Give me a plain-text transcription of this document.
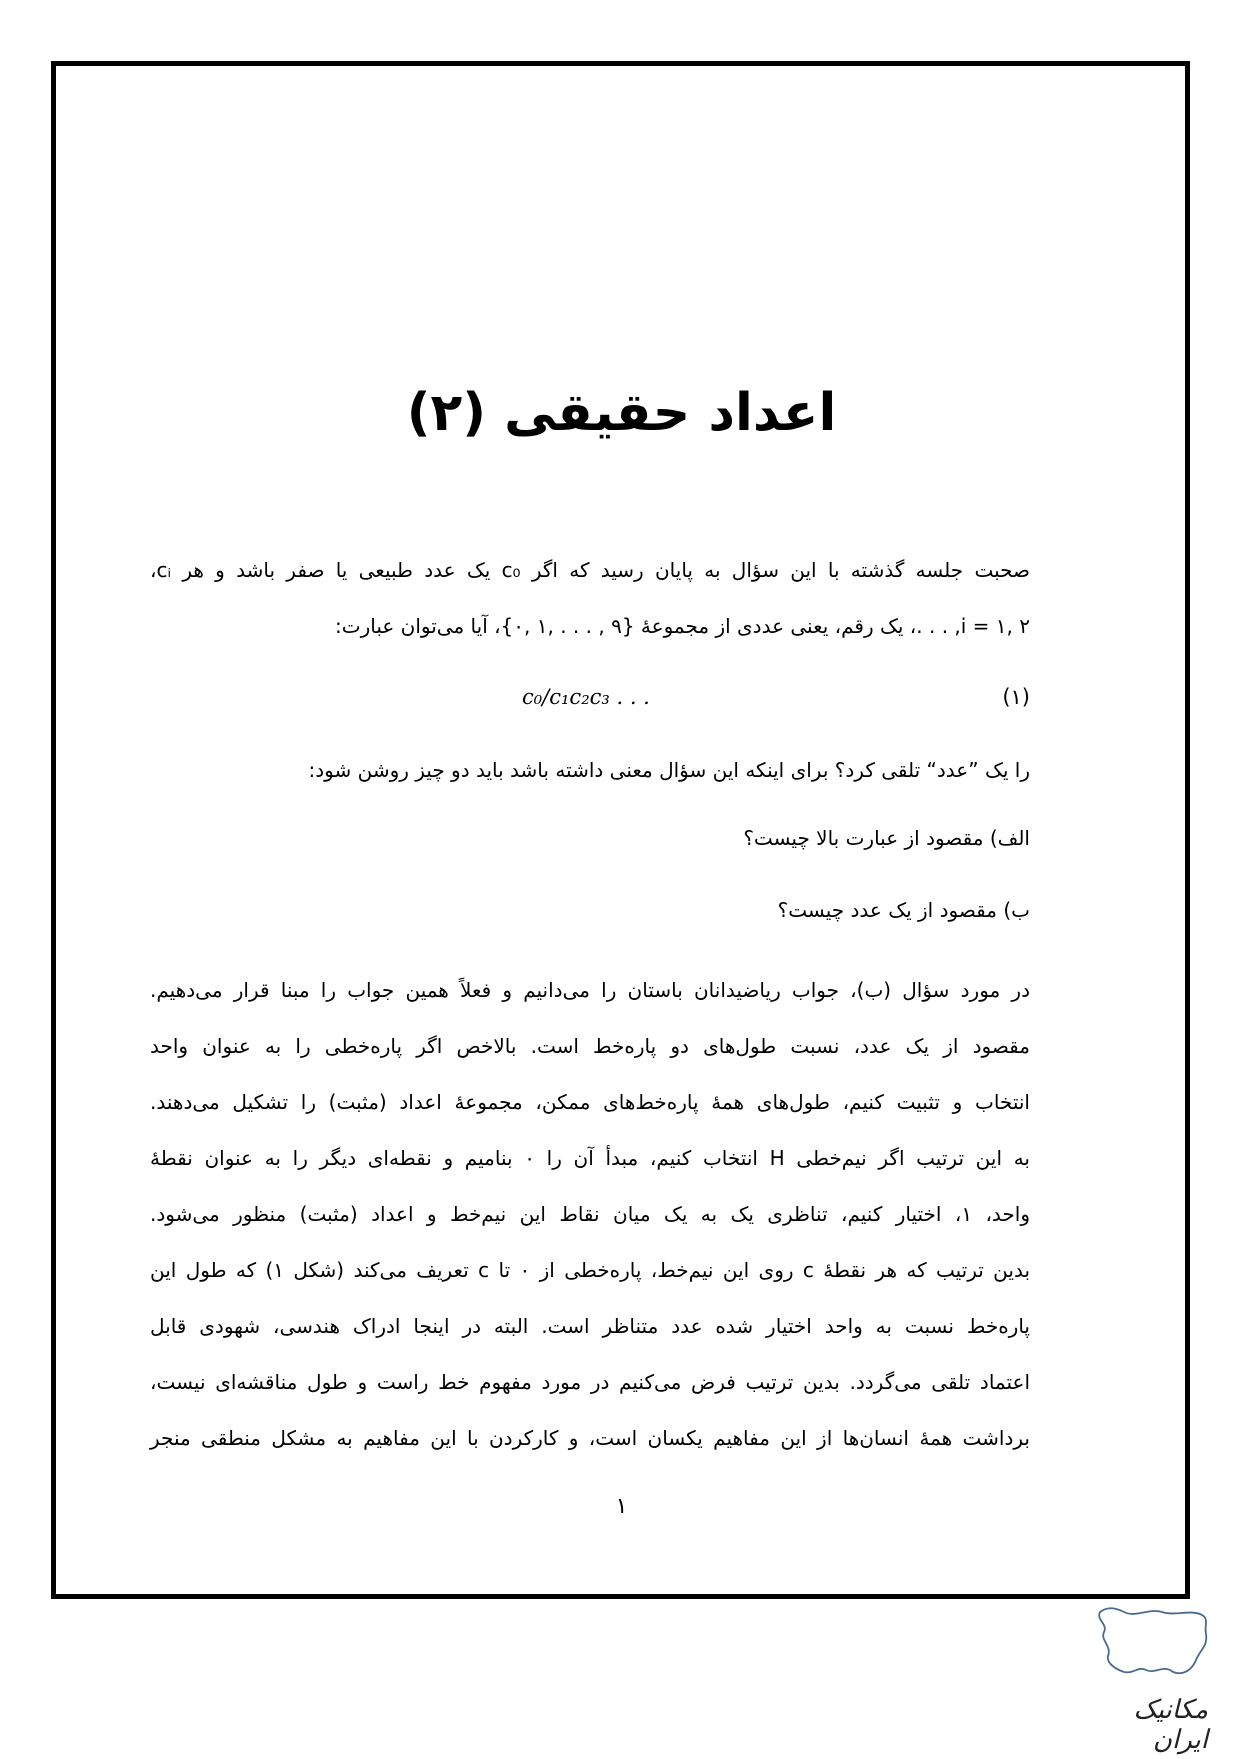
اعداد حقیقی (۲)
صحبت جلسه گذشته با این سؤال به پایان رسید که اگر c₀ یک عدد طبیعی یا صفر باشد و هر cᵢ،
i = ۱, ۲, . . .، یک رقم، یعنی عددی از مجموعهٔ {۹ , . . . ,۱ ,۰}، آیا می‌توان عبارت:
c₀/c₁c₂c₃ . . .	(۱)
را یک ”عدد“ تلقی کرد؟ برای اینکه این سؤال معنی داشته باشد باید دو چیز روشن شود:
الف) مقصود از عبارت بالا چیست؟
ب) مقصود از یک عدد چیست؟
در مورد سؤال (ب)، جواب ریاضیدانان باستان را می‌دانیم و فعلاً همین جواب را مبنا قرار می‌دهیم.
مقصود از یک عدد، نسبت طول‌های دو پاره‌خط است. بالاخص اگر پاره‌خطی را به عنوان واحد
انتخاب و تثبیت کنیم، طول‌های همهٔ پاره‌خط‌های ممکن، مجموعهٔ اعداد (مثبت) را تشکیل می‌دهند.
به این ترتیب اگر نیم‌خطی H انتخاب کنیم، مبدأ آن را ۰ بنامیم و نقطه‌ای دیگر را به عنوان نقطهٔ
واحد، ۱، اختیار کنیم، تناظری یک به یک میان نقاط این نیم‌خط و اعداد (مثبت) منظور می‌شود.
بدین ترتیب که هر نقطهٔ c روی این نیم‌خط، پاره‌خطی از ۰ تا c تعریف می‌کند (شکل ۱) که طول این
پاره‌خط نسبت به واحد اختیار شده عدد متناظر است. البته در اینجا ادراک هندسی، شهودی قابل
اعتماد تلقی می‌گردد. بدین ترتیب فرض می‌کنیم در مورد مفهوم خط راست و طول مناقشه‌ای نیست،
برداشت همهٔ انسان‌ها از این مفاهیم یکسان است، و کارکردن با این مفاهیم به مشکل منطقی منجر
۱
مکانیک ایران
